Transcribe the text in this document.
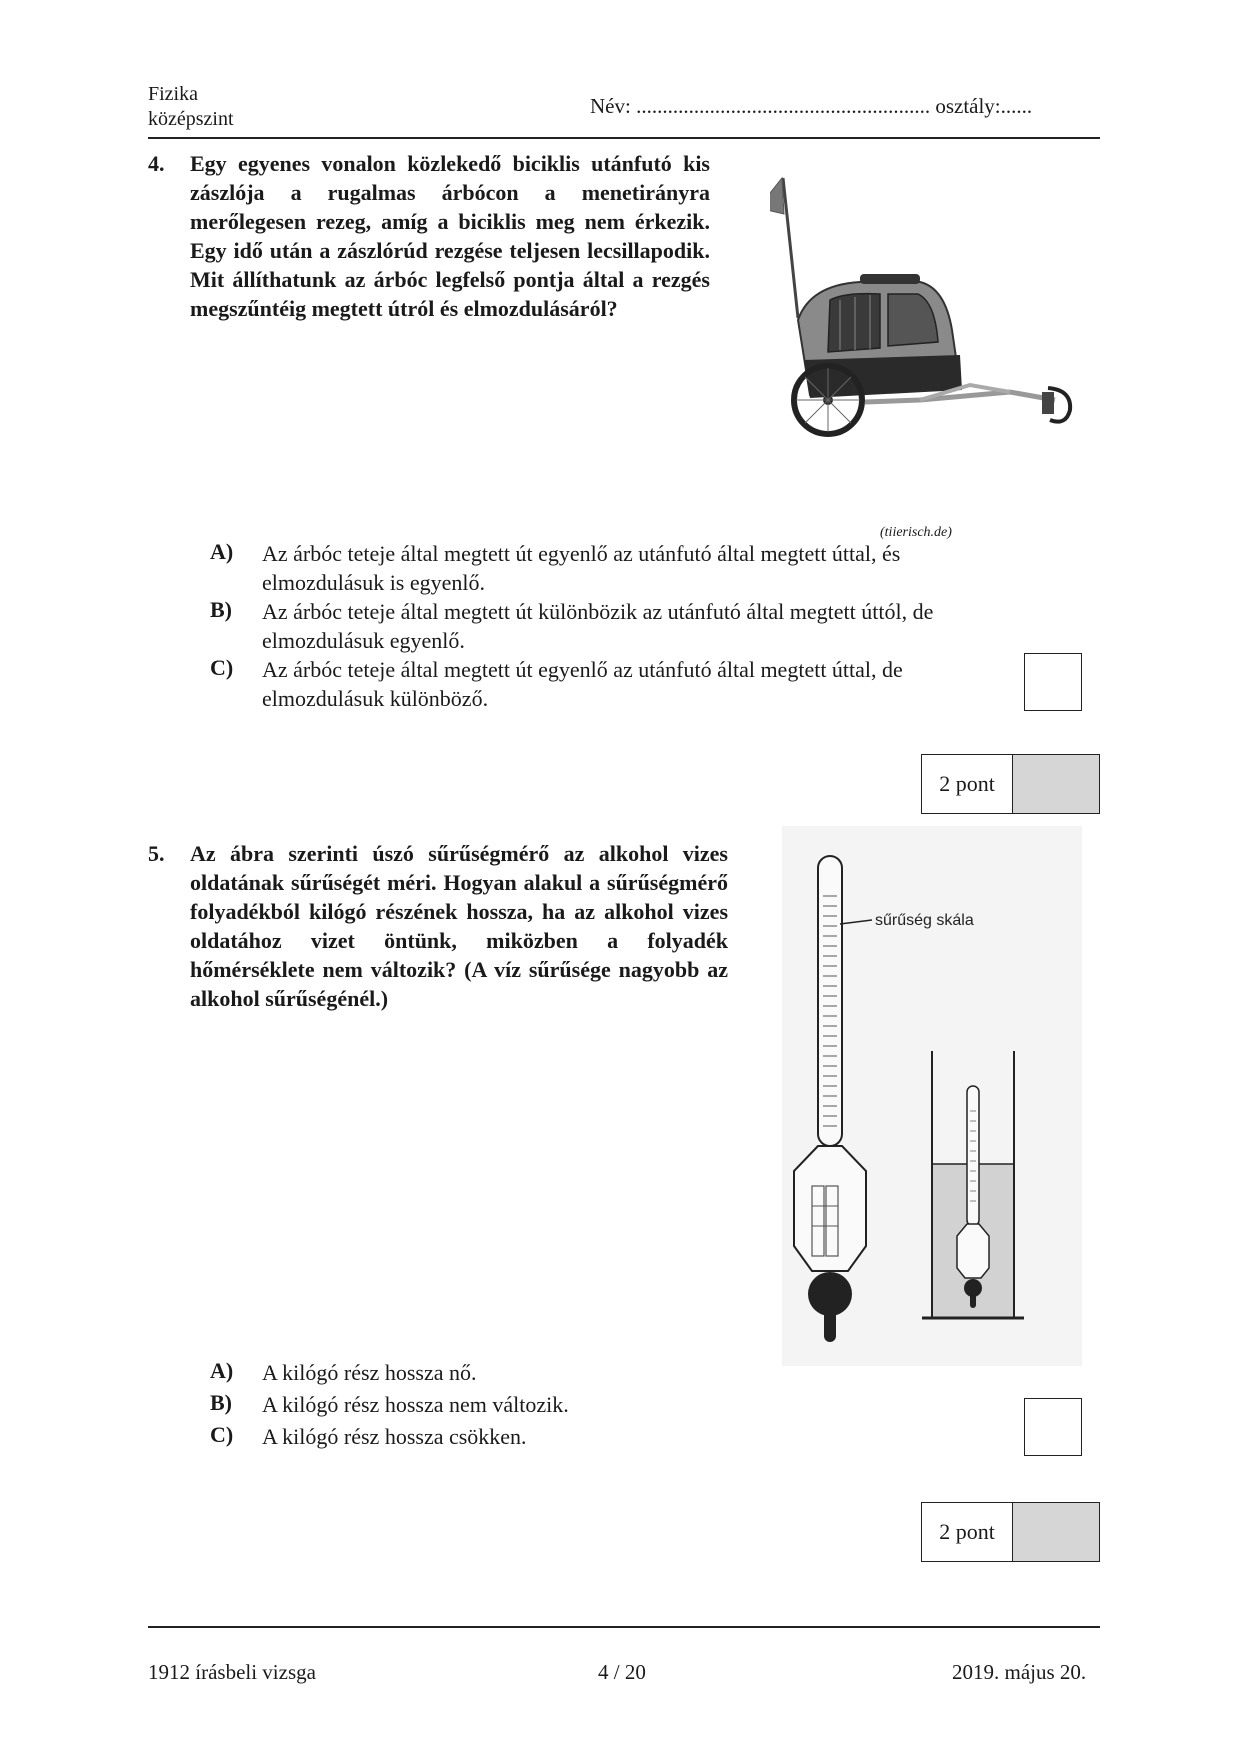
Fizika
középszint
Név: ........................................................ osztály:......
4. Egy egyenes vonalon közlekedő biciklis utánfutó kis zászlója a rugalmas árbócon a menetirányra merőlegesen rezeg, amíg a biciklis meg nem érkezik. Egy idő után a zászlórúd rezgése teljesen lecsillapodik. Mit állíthatunk az árbóc legfelső pontja által a rezgés megszűntéig megtett útról és elmozdulásáról?
(tiierisch.de)
A) Az árbóc teteje által megtett út egyenlő az utánfutó által megtett úttal, és elmozdulásuk is egyenlő.
B) Az árbóc teteje által megtett út különbözik az utánfutó által megtett úttól, de elmozdulásuk egyenlő.
C) Az árbóc teteje által megtett út egyenlő az utánfutó által megtett úttal, de elmozdulásuk különböző.
2 pont
5. Az ábra szerinti úszó sűrűségmérő az alkohol vizes oldatának sűrűségét méri. Hogyan alakul a sűrűségmérő folyadékból kilógó részének hossza, ha az alkohol vizes oldatához vizet öntünk, miközben a folyadék hőmérséklete nem változik? (A víz sűrűsége nagyobb az alkohol sűrűségénél.)
sűrűség skála
A) A kilógó rész hossza nő.
B) A kilógó rész hossza nem változik.
C) A kilógó rész hossza csökken.
2 pont
1912 írásbeli vizsga	4 / 20	2019. május 20.
